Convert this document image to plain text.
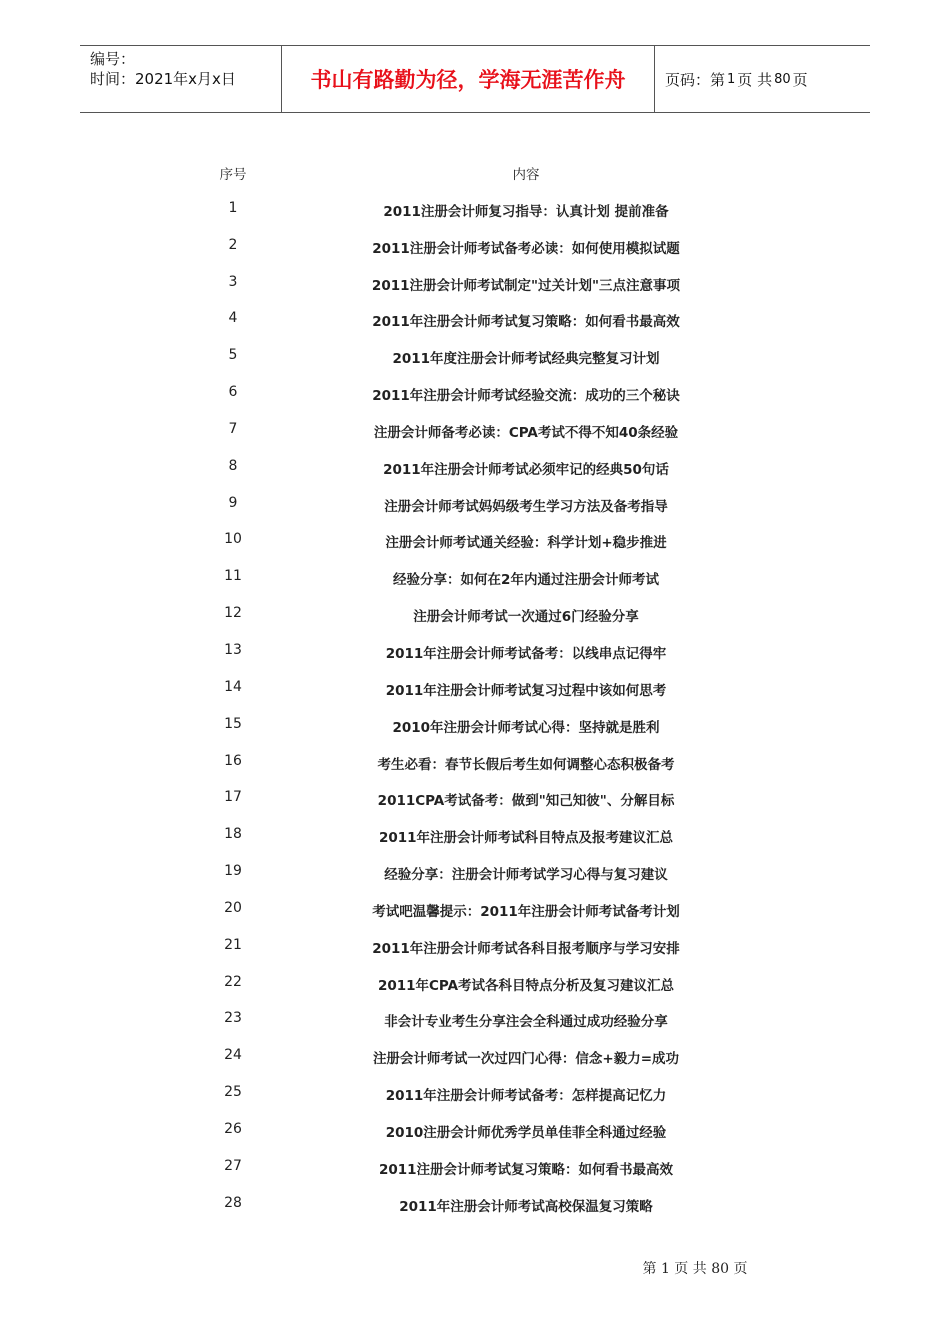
编号：
时间：2021年x月x日	书山有路勤为径，学海无涯苦作舟	页码：第 1 页 共 80 页
序号	内容
1	2011注册会计师复习指导：认真计划 提前准备
2	2011注册会计师考试备考必读：如何使用模拟试题
3	2011注册会计师考试制定"过关计划"三点注意事项
4	2011年注册会计师考试复习策略：如何看书最高效
5	2011年度注册会计师考试经典完整复习计划
6	2011年注册会计师考试经验交流：成功的三个秘诀
7	注册会计师备考必读：CPA考试不得不知40条经验
8	2011年注册会计师考试必须牢记的经典50句话
9	注册会计师考试妈妈级考生学习方法及备考指导
10	注册会计师考试通关经验：科学计划+稳步推进
11	经验分享：如何在2年内通过注册会计师考试
12	注册会计师考试一次通过6门经验分享
13	2011年注册会计师考试备考：以线串点记得牢
14	2011年注册会计师考试复习过程中该如何思考
15	2010年注册会计师考试心得：坚持就是胜利
16	考生必看：春节长假后考生如何调整心态积极备考
17	2011CPA考试备考：做到"知己知彼"、分解目标
18	2011年注册会计师考试科目特点及报考建议汇总
19	经验分享：注册会计师考试学习心得与复习建议
20	考试吧温馨提示：2011年注册会计师考试备考计划
21	2011年注册会计师考试各科目报考顺序与学习安排
22	2011年CPA考试各科目特点分析及复习建议汇总
23	非会计专业考生分享注会全科通过成功经验分享
24	注册会计师考试一次过四门心得：信念+毅力=成功
25	2011年注册会计师考试备考：怎样提高记忆力
26	2010注册会计师优秀学员单佳菲全科通过经验
27	2011注册会计师考试复习策略：如何看书最高效
28	2011年注册会计师考试高校保温复习策略
第 1 页 共 80 页
